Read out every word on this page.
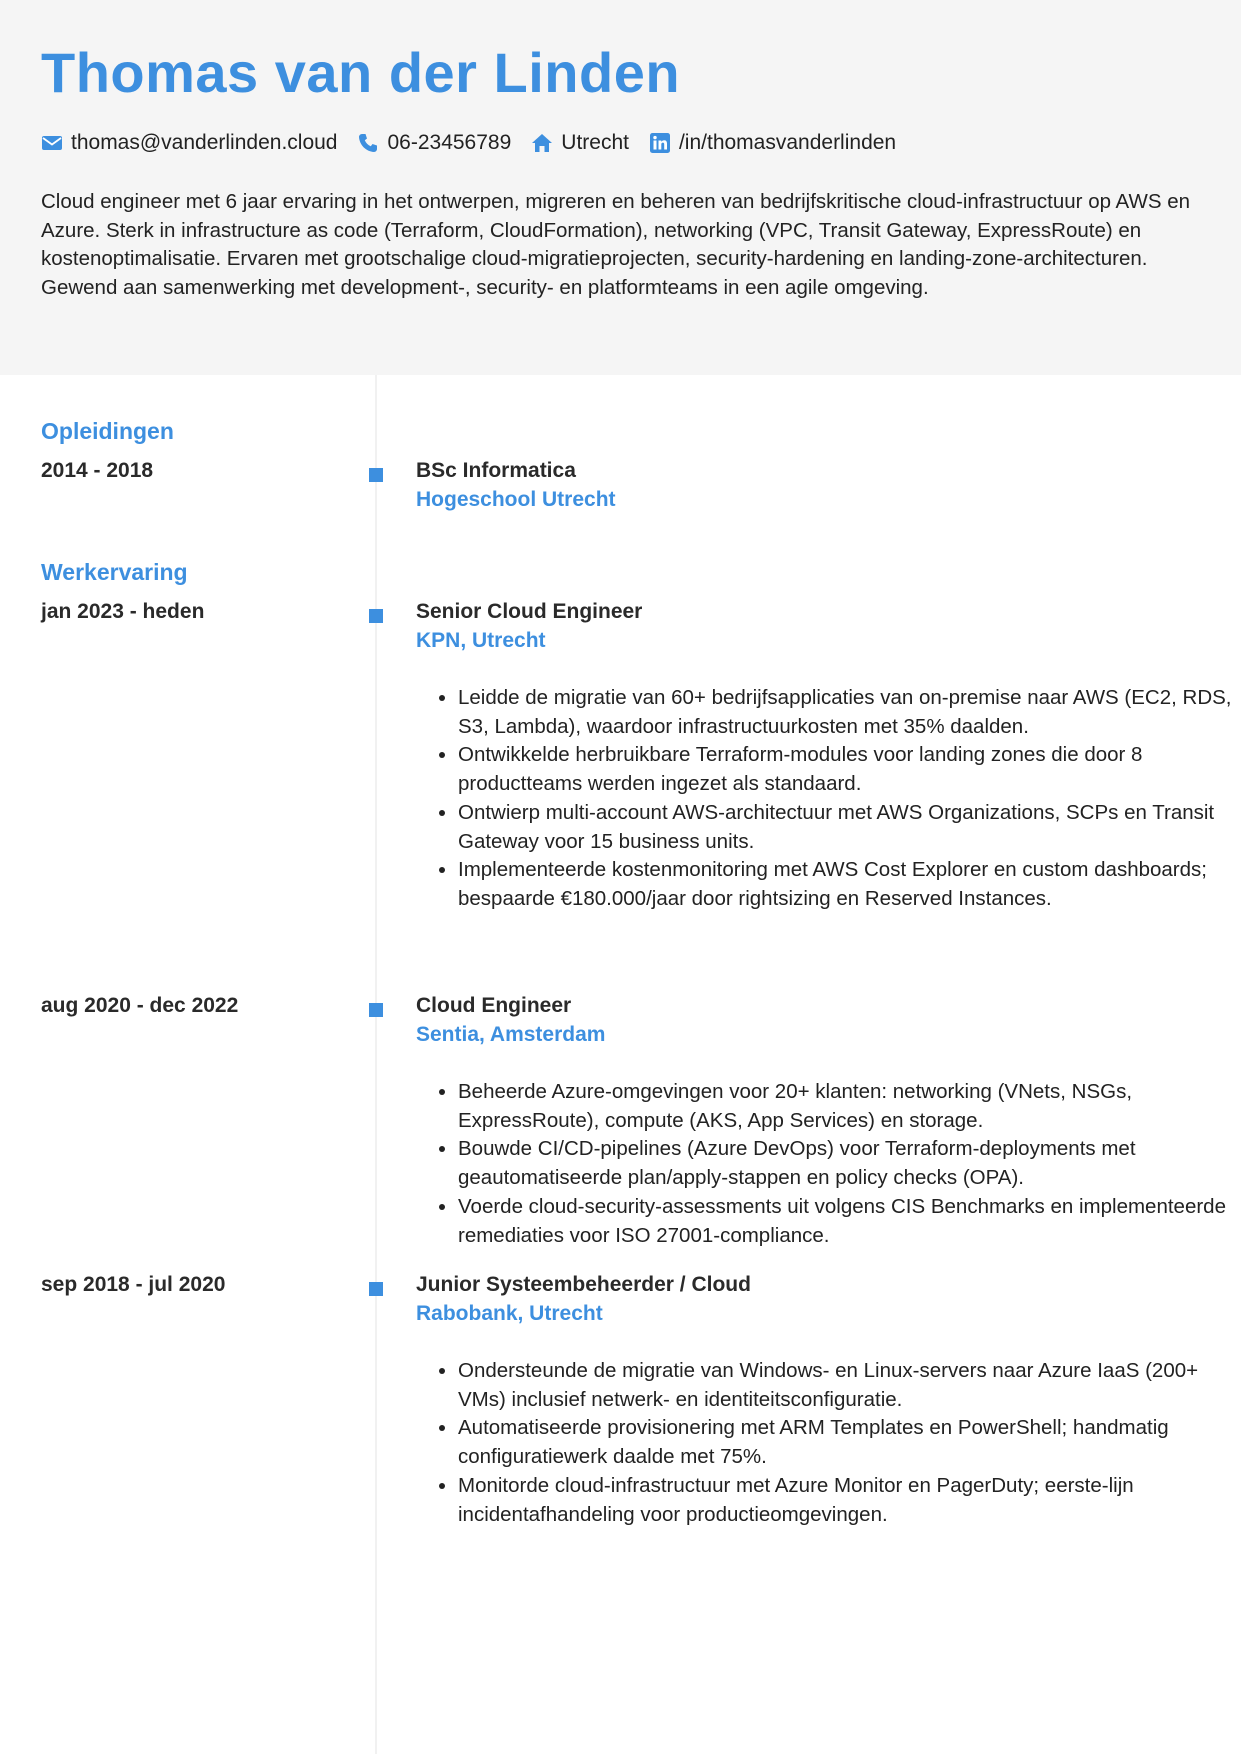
Thomas van der Linden
thomas@vanderlinden.cloud 06-23456789 Utrecht /in/thomasvanderlinden
Cloud engineer met 6 jaar ervaring in het ontwerpen, migreren en beheren van bedrijfskritische cloud-infrastructuur op AWS en Azure. Sterk in infrastructure as code (Terraform, CloudFormation), networking (VPC, Transit Gateway, ExpressRoute) en kostenoptimalisatie. Ervaren met grootschalige cloud-migratieprojecten, security-hardening en landing-zone-architecturen. Gewend aan samenwerking met development-, security- en platformteams in een agile omgeving.
Opleidingen
2014 - 2018	BSc Informatica
Hogeschool Utrecht
Werkervaring
jan 2023 - heden	Senior Cloud Engineer
KPN, Utrecht
• Leidde de migratie van 60+ bedrijfsapplicaties van on-premise naar AWS (EC2, RDS, S3, Lambda), waardoor infrastructuurkosten met 35% daalden.
• Ontwikkelde herbruikbare Terraform-modules voor landing zones die door 8 productteams werden ingezet als standaard.
• Ontwierp multi-account AWS-architectuur met AWS Organizations, SCPs en Transit Gateway voor 15 business units.
• Implementeerde kostenmonitoring met AWS Cost Explorer en custom dashboards; bespaarde €180.000/jaar door rightsizing en Reserved Instances.
aug 2020 - dec 2022	Cloud Engineer
Sentia, Amsterdam
• Beheerde Azure-omgevingen voor 20+ klanten: networking (VNets, NSGs, ExpressRoute), compute (AKS, App Services) en storage.
• Bouwde CI/CD-pipelines (Azure DevOps) voor Terraform-deployments met geautomatiseerde plan/apply-stappen en policy checks (OPA).
• Voerde cloud-security-assessments uit volgens CIS Benchmarks en implementeerde remediaties voor ISO 27001-compliance.
sep 2018 - jul 2020	Junior Systeembeheerder / Cloud
Rabobank, Utrecht
• Ondersteunde de migratie van Windows- en Linux-servers naar Azure IaaS (200+ VMs) inclusief netwerk- en identiteitsconfiguratie.
• Automatiseerde provisionering met ARM Templates en PowerShell; handmatig configuratiewerk daalde met 75%.
• Monitorde cloud-infrastructuur met Azure Monitor en PagerDuty; eerste-lijn incidentafhandeling voor productieomgevingen.
